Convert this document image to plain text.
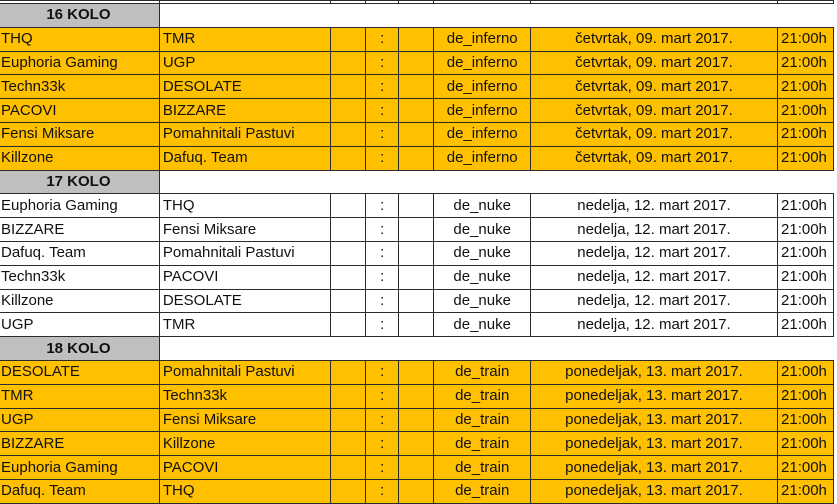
16 KOLO							
THQ	TMR		:		de_inferno	četvrtak, 09. mart 2017.	21:00h
Euphoria Gaming	UGP		:		de_inferno	četvrtak, 09. mart 2017.	21:00h
Techn33k	DESOLATE		:		de_inferno	četvrtak, 09. mart 2017.	21:00h
PACOVI	BIZZARE		:		de_inferno	četvrtak, 09. mart 2017.	21:00h
Fensi Miksare	Pomahnitali Pastuvi		:		de_inferno	četvrtak, 09. mart 2017.	21:00h
Killzone	Dafuq. Team		:		de_inferno	četvrtak, 09. mart 2017.	21:00h
17 KOLO							
Euphoria Gaming	THQ		:		de_nuke	nedelja, 12. mart 2017.	21:00h
BIZZARE	Fensi Miksare		:		de_nuke	nedelja, 12. mart 2017.	21:00h
Dafuq. Team	Pomahnitali Pastuvi		:		de_nuke	nedelja, 12. mart 2017.	21:00h
Techn33k	PACOVI		:		de_nuke	nedelja, 12. mart 2017.	21:00h
Killzone	DESOLATE		:		de_nuke	nedelja, 12. mart 2017.	21:00h
UGP	TMR		:		de_nuke	nedelja, 12. mart 2017.	21:00h
18 KOLO							
DESOLATE	Pomahnitali Pastuvi		:		de_train	ponedeljak, 13. mart 2017.	21:00h
TMR	Techn33k		:		de_train	ponedeljak, 13. mart 2017.	21:00h
UGP	Fensi Miksare		:		de_train	ponedeljak, 13. mart 2017.	21:00h
BIZZARE	Killzone		:		de_train	ponedeljak, 13. mart 2017.	21:00h
Euphoria Gaming	PACOVI		:		de_train	ponedeljak, 13. mart 2017.	21:00h
Dafuq. Team	THQ		:		de_train	ponedeljak, 13. mart 2017.	21:00h
